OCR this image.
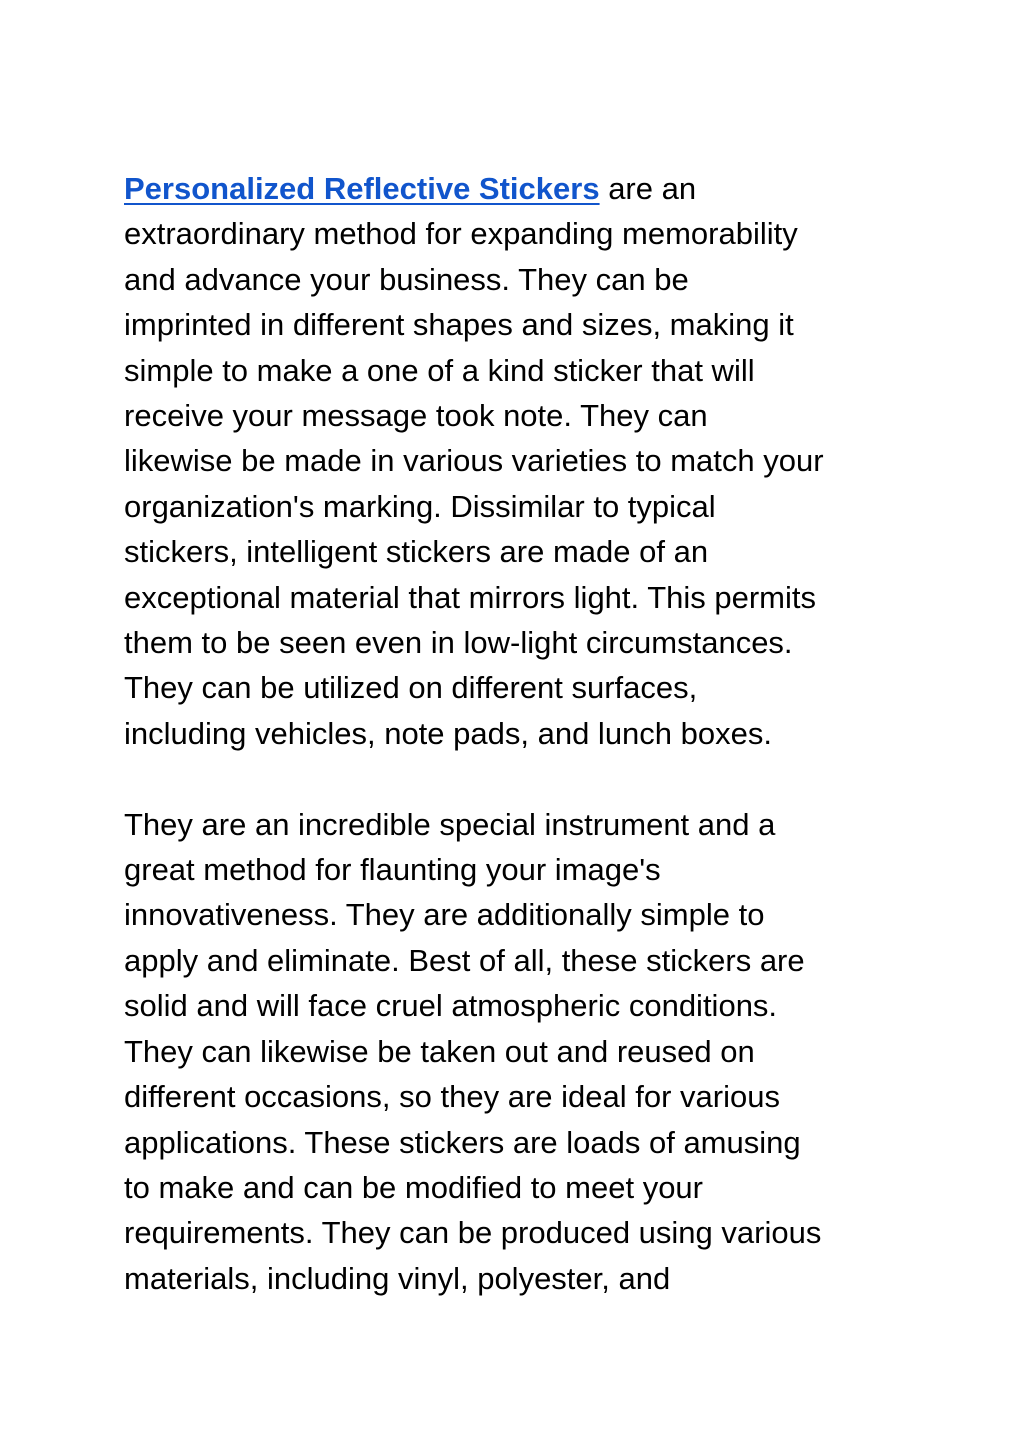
Personalized Reflective Stickers are an
extraordinary method for expanding memorability
and advance your business. They can be
imprinted in different shapes and sizes, making it
simple to make a one of a kind sticker that will
receive your message took note. They can
likewise be made in various varieties to match your
organization's marking. Dissimilar to typical
stickers, intelligent stickers are made of an
exceptional material that mirrors light. This permits
them to be seen even in low-light circumstances.
They can be utilized on different surfaces,
including vehicles, note pads, and lunch boxes.

They are an incredible special instrument and a
great method for flaunting your image's
innovativeness. They are additionally simple to
apply and eliminate. Best of all, these stickers are
solid and will face cruel atmospheric conditions.
They can likewise be taken out and reused on
different occasions, so they are ideal for various
applications. These stickers are loads of amusing
to make and can be modified to meet your
requirements. They can be produced using various
materials, including vinyl, polyester, and
